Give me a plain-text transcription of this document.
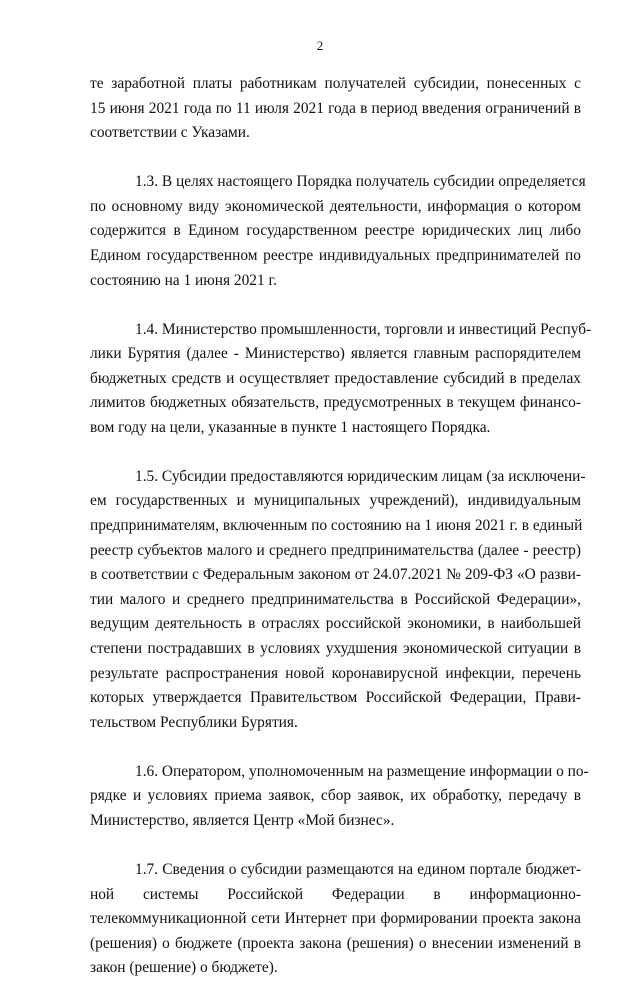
2
те заработной платы работникам получателей субсидии, понесенных с
15 июня 2021 года по 11 июля 2021 года в период введения ограничений в
соответствии с Указами.
1.3. В целях настоящего Порядка получатель субсидии определяется
по основному виду экономической деятельности, информация о котором
содержится в Едином государственном реестре юридических лиц либо
Едином государственном реестре индивидуальных предпринимателей по
состоянию на 1 июня 2021 г.
1.4. Министерство промышленности, торговли и инвестиций Респуб-
лики Бурятия (далее - Министерство) является главным распорядителем
бюджетных средств и осуществляет предоставление субсидий в пределах
лимитов бюджетных обязательств, предусмотренных в текущем финансо-
вом году на цели, указанные в пункте 1 настоящего Порядка.
1.5. Субсидии предоставляются юридическим лицам (за исключени-
ем государственных и муниципальных учреждений), индивидуальным
предпринимателям, включенным по состоянию на 1 июня 2021 г. в единый
реестр субъектов малого и среднего предпринимательства (далее - реестр)
в соответствии с Федеральным законом от 24.07.2021 № 209-ФЗ «О разви-
тии малого и среднего предпринимательства в Российской Федерации»,
ведущим деятельность в отраслях российской экономики, в наибольшей
степени пострадавших в условиях ухудшения экономической ситуации в
результате распространения новой коронавирусной инфекции, перечень
которых утверждается Правительством Российской Федерации, Прави-
тельством Республики Бурятия.
1.6. Оператором, уполномоченным на размещение информации о по-
рядке и условиях приема заявок, сбор заявок, их обработку, передачу в
Министерство, является Центр «Мой бизнес».
1.7. Сведения о субсидии размещаются на едином портале бюджет-
ной системы Российской Федерации в информационно-
телекоммуникационной сети Интернет при формировании проекта закона
(решения) о бюджете (проекта закона (решения) о внесении изменений в
закон (решение) о бюджете).
